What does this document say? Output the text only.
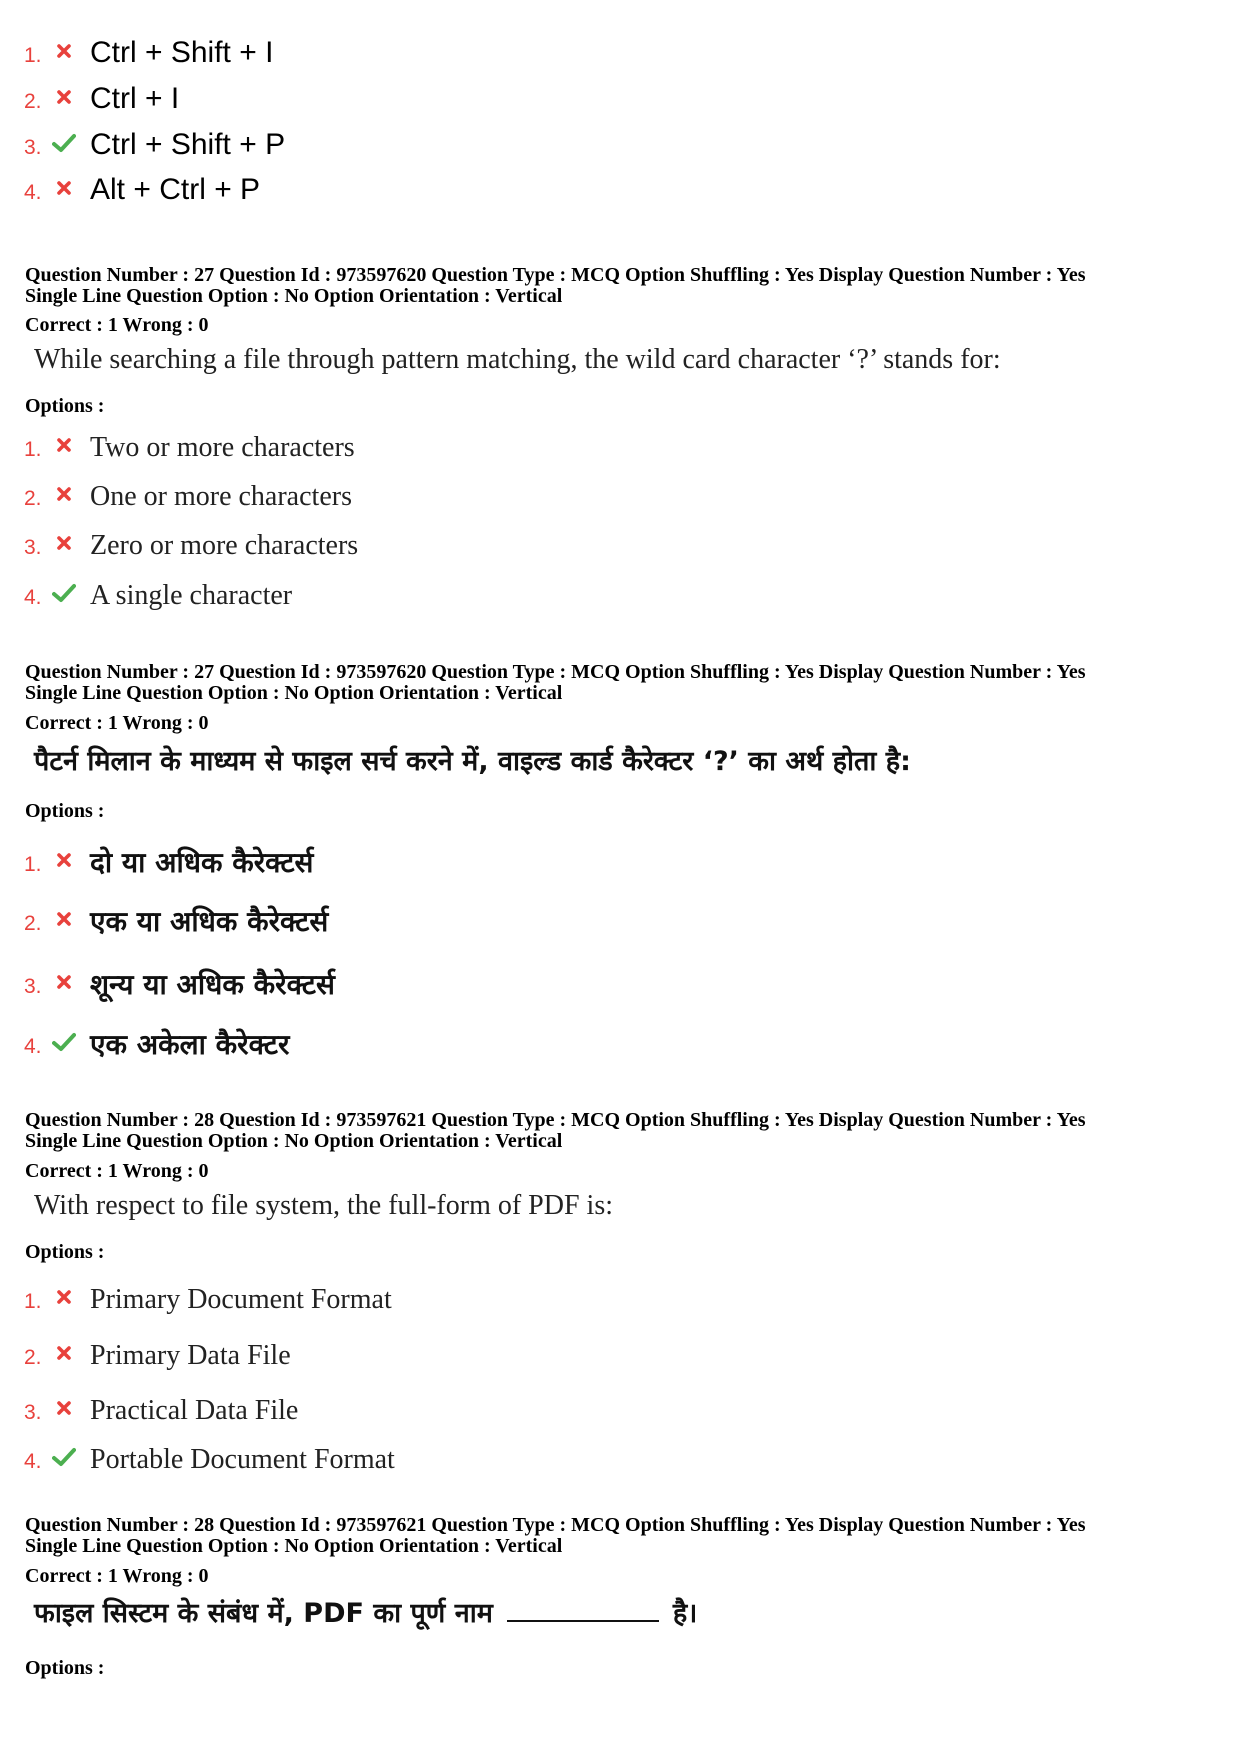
1. Ctrl + Shift + I
2. Ctrl + I
3. Ctrl + Shift + P
4. Alt + Ctrl + P
Question Number : 27 Question Id : 973597620 Question Type : MCQ Option Shuffling : Yes Display Question Number : Yes
Single Line Question Option : No Option Orientation : Vertical
Correct : 1 Wrong : 0
While searching a file through pattern matching, the wild card character ‘?’ stands for:
Options :
1. Two or more characters
2. One or more characters
3. Zero or more characters
4. A single character
Question Number : 27 Question Id : 973597620 Question Type : MCQ Option Shuffling : Yes Display Question Number : Yes
Single Line Question Option : No Option Orientation : Vertical
Correct : 1 Wrong : 0
पैटर्न मिलान के माध्यम से फाइल सर्च करने में, वाइल्ड कार्ड कैरेक्टर ‘?’ का अर्थ होता है:
Options :
1. दो या अधिक कैरेक्टर्स
2. एक या अधिक कैरेक्टर्स
3. शून्य या अधिक कैरेक्टर्स
4. एक अकेला कैरेक्टर
Question Number : 28 Question Id : 973597621 Question Type : MCQ Option Shuffling : Yes Display Question Number : Yes
Single Line Question Option : No Option Orientation : Vertical
Correct : 1 Wrong : 0
With respect to file system, the full-form of PDF is:
Options :
1. Primary Document Format
2. Primary Data File
3. Practical Data File
4. Portable Document Format
Question Number : 28 Question Id : 973597621 Question Type : MCQ Option Shuffling : Yes Display Question Number : Yes
Single Line Question Option : No Option Orientation : Vertical
Correct : 1 Wrong : 0
फाइल सिस्टम के संबंध में, PDF का पूर्ण नाम	है।
Options :
